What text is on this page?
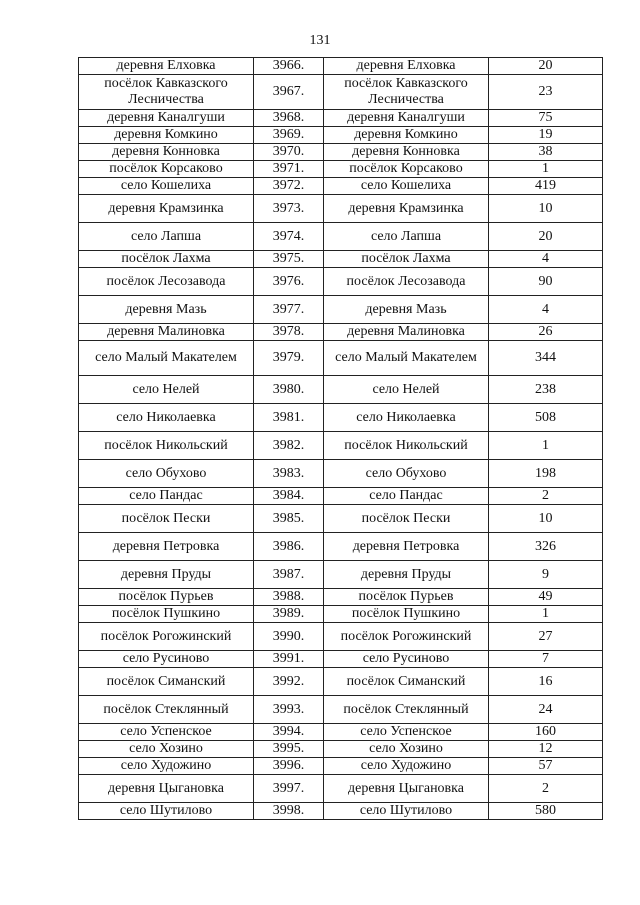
131
деревня Елховка	3966.	деревня Елховка	20
посёлок Кавказского Лесничества	3967.	посёлок Кавказского Лесничества	23
деревня Каналгуши	3968.	деревня Каналгуши	75
деревня Комкино	3969.	деревня Комкино	19
деревня Конновка	3970.	деревня Конновка	38
посёлок Корсаково	3971.	посёлок Корсаково	1
село Кошелиха	3972.	село Кошелиха	419
деревня Крамзинка	3973.	деревня Крамзинка	10
село Лапша	3974.	село Лапша	20
посёлок Лахма	3975.	посёлок Лахма	4
посёлок Лесозавода	3976.	посёлок Лесозавода	90
деревня Мазь	3977.	деревня Мазь	4
деревня Малиновка	3978.	деревня Малиновка	26
село Малый Макателем	3979.	село Малый Макателем	344
село Нелей	3980.	село Нелей	238
село Николаевка	3981.	село Николаевка	508
посёлок Никольский	3982.	посёлок Никольский	1
село Обухово	3983.	село Обухово	198
село Пандас	3984.	село Пандас	2
посёлок Пески	3985.	посёлок Пески	10
деревня Петровка	3986.	деревня Петровка	326
деревня Пруды	3987.	деревня Пруды	9
посёлок Пурьев	3988.	посёлок Пурьев	49
посёлок Пушкино	3989.	посёлок Пушкино	1
посёлок Рогожинский	3990.	посёлок Рогожинский	27
село Русиново	3991.	село Русиново	7
посёлок Симанский	3992.	посёлок Симанский	16
посёлок Стеклянный	3993.	посёлок Стеклянный	24
село Успенское	3994.	село Успенское	160
село Хозино	3995.	село Хозино	12
село Художино	3996.	село Художино	57
деревня Цыгановка	3997.	деревня Цыгановка	2
село Шутилово	3998.	село Шутилово	580
